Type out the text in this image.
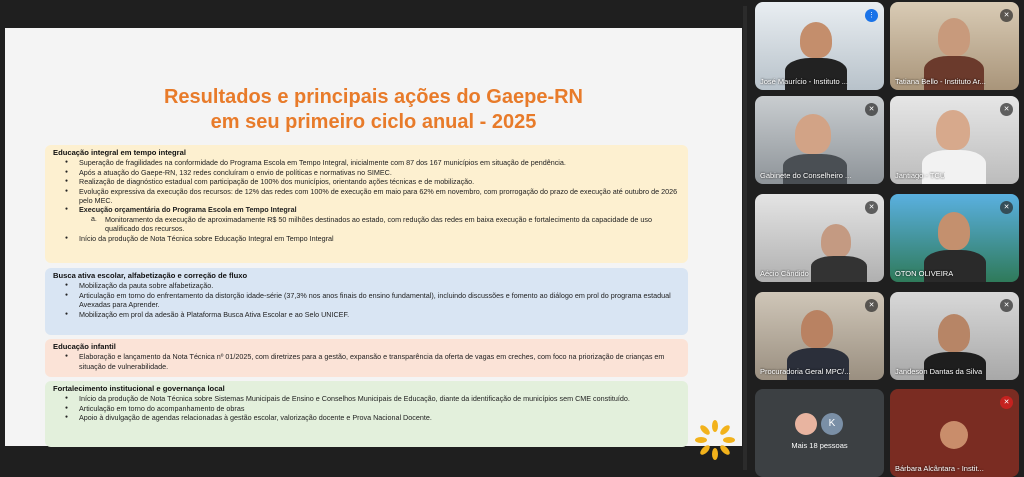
Resultados e principais ações do Gaepe-RN
em seu primeiro ciclo anual - 2025
Educação integral em tempo integral
● Superação de fragilidades na conformidade do Programa Escola em Tempo Integral, inicialmente com 87 dos 167 municípios em situação de pendência.
● Após a atuação do Gaepe-RN, 132 redes concluíram o envio de políticas e normativas no SIMEC.
● Realização de diagnóstico estadual com participação de 100% dos municípios, orientando ações técnicas e de mobilização.
● Evolução expressiva da execução dos recursos: de 12% das redes com 100% de execução em maio para 62% em novembro, com prorrogação do prazo de execução até outubro de 2026 pelo MEC.
● Execução orçamentária do Programa Escola em Tempo Integral
a. Monitoramento da execução de aproximadamente R$ 50 milhões destinados ao estado, com redução das redes em baixa execução e fortalecimento da capacidade de uso qualificado dos recursos.
● Início da produção de Nota Técnica sobre Educação Integral em Tempo Integral
Busca ativa escolar, alfabetização e correção de fluxo
● Mobilização da pauta sobre alfabetização.
● Articulação em torno do enfrentamento da distorção idade-série (37,3% nos anos finais do ensino fundamental), incluindo discussões e fomento ao diálogo em prol do programa estadual Avexadas para Aprender.
● Mobilização em prol da adesão à Plataforma Busca Ativa Escolar e ao Selo UNICEF.
Educação infantil
● Elaboração e lançamento da Nota Técnica nº 01/2025, com diretrizes para a gestão, expansão e transparência da oferta de vagas em creches, com foco na priorização de crianças em situação de vulnerabilidade.
Fortalecimento institucional e governança local
● Início da produção de Nota Técnica sobre Sistemas Municipais de Ensino e Conselhos Municipais de Educação, diante da identificação de municípios sem CME constituído.
● Articulação em torno do acompanhamento de obras
● Apoio à divulgação de agendas relacionadas à gestão escolar, valorização docente e Prova Nacional Docente.
⋮
José Maurício - Instituto ...
✕
Tatiana Bello - Instituto Ar...
✕
Gabinete do Conselheiro ...
✕
Jantiago - TCU
✕
Aécio Cândido
✕
OTON OLIVEIRA
✕
Procuradoria Geral MPC/...
✕
Jandeson Dantas da Silva
K
Mais 18 pessoas
✕
Bárbara Alcântara - Instit...
